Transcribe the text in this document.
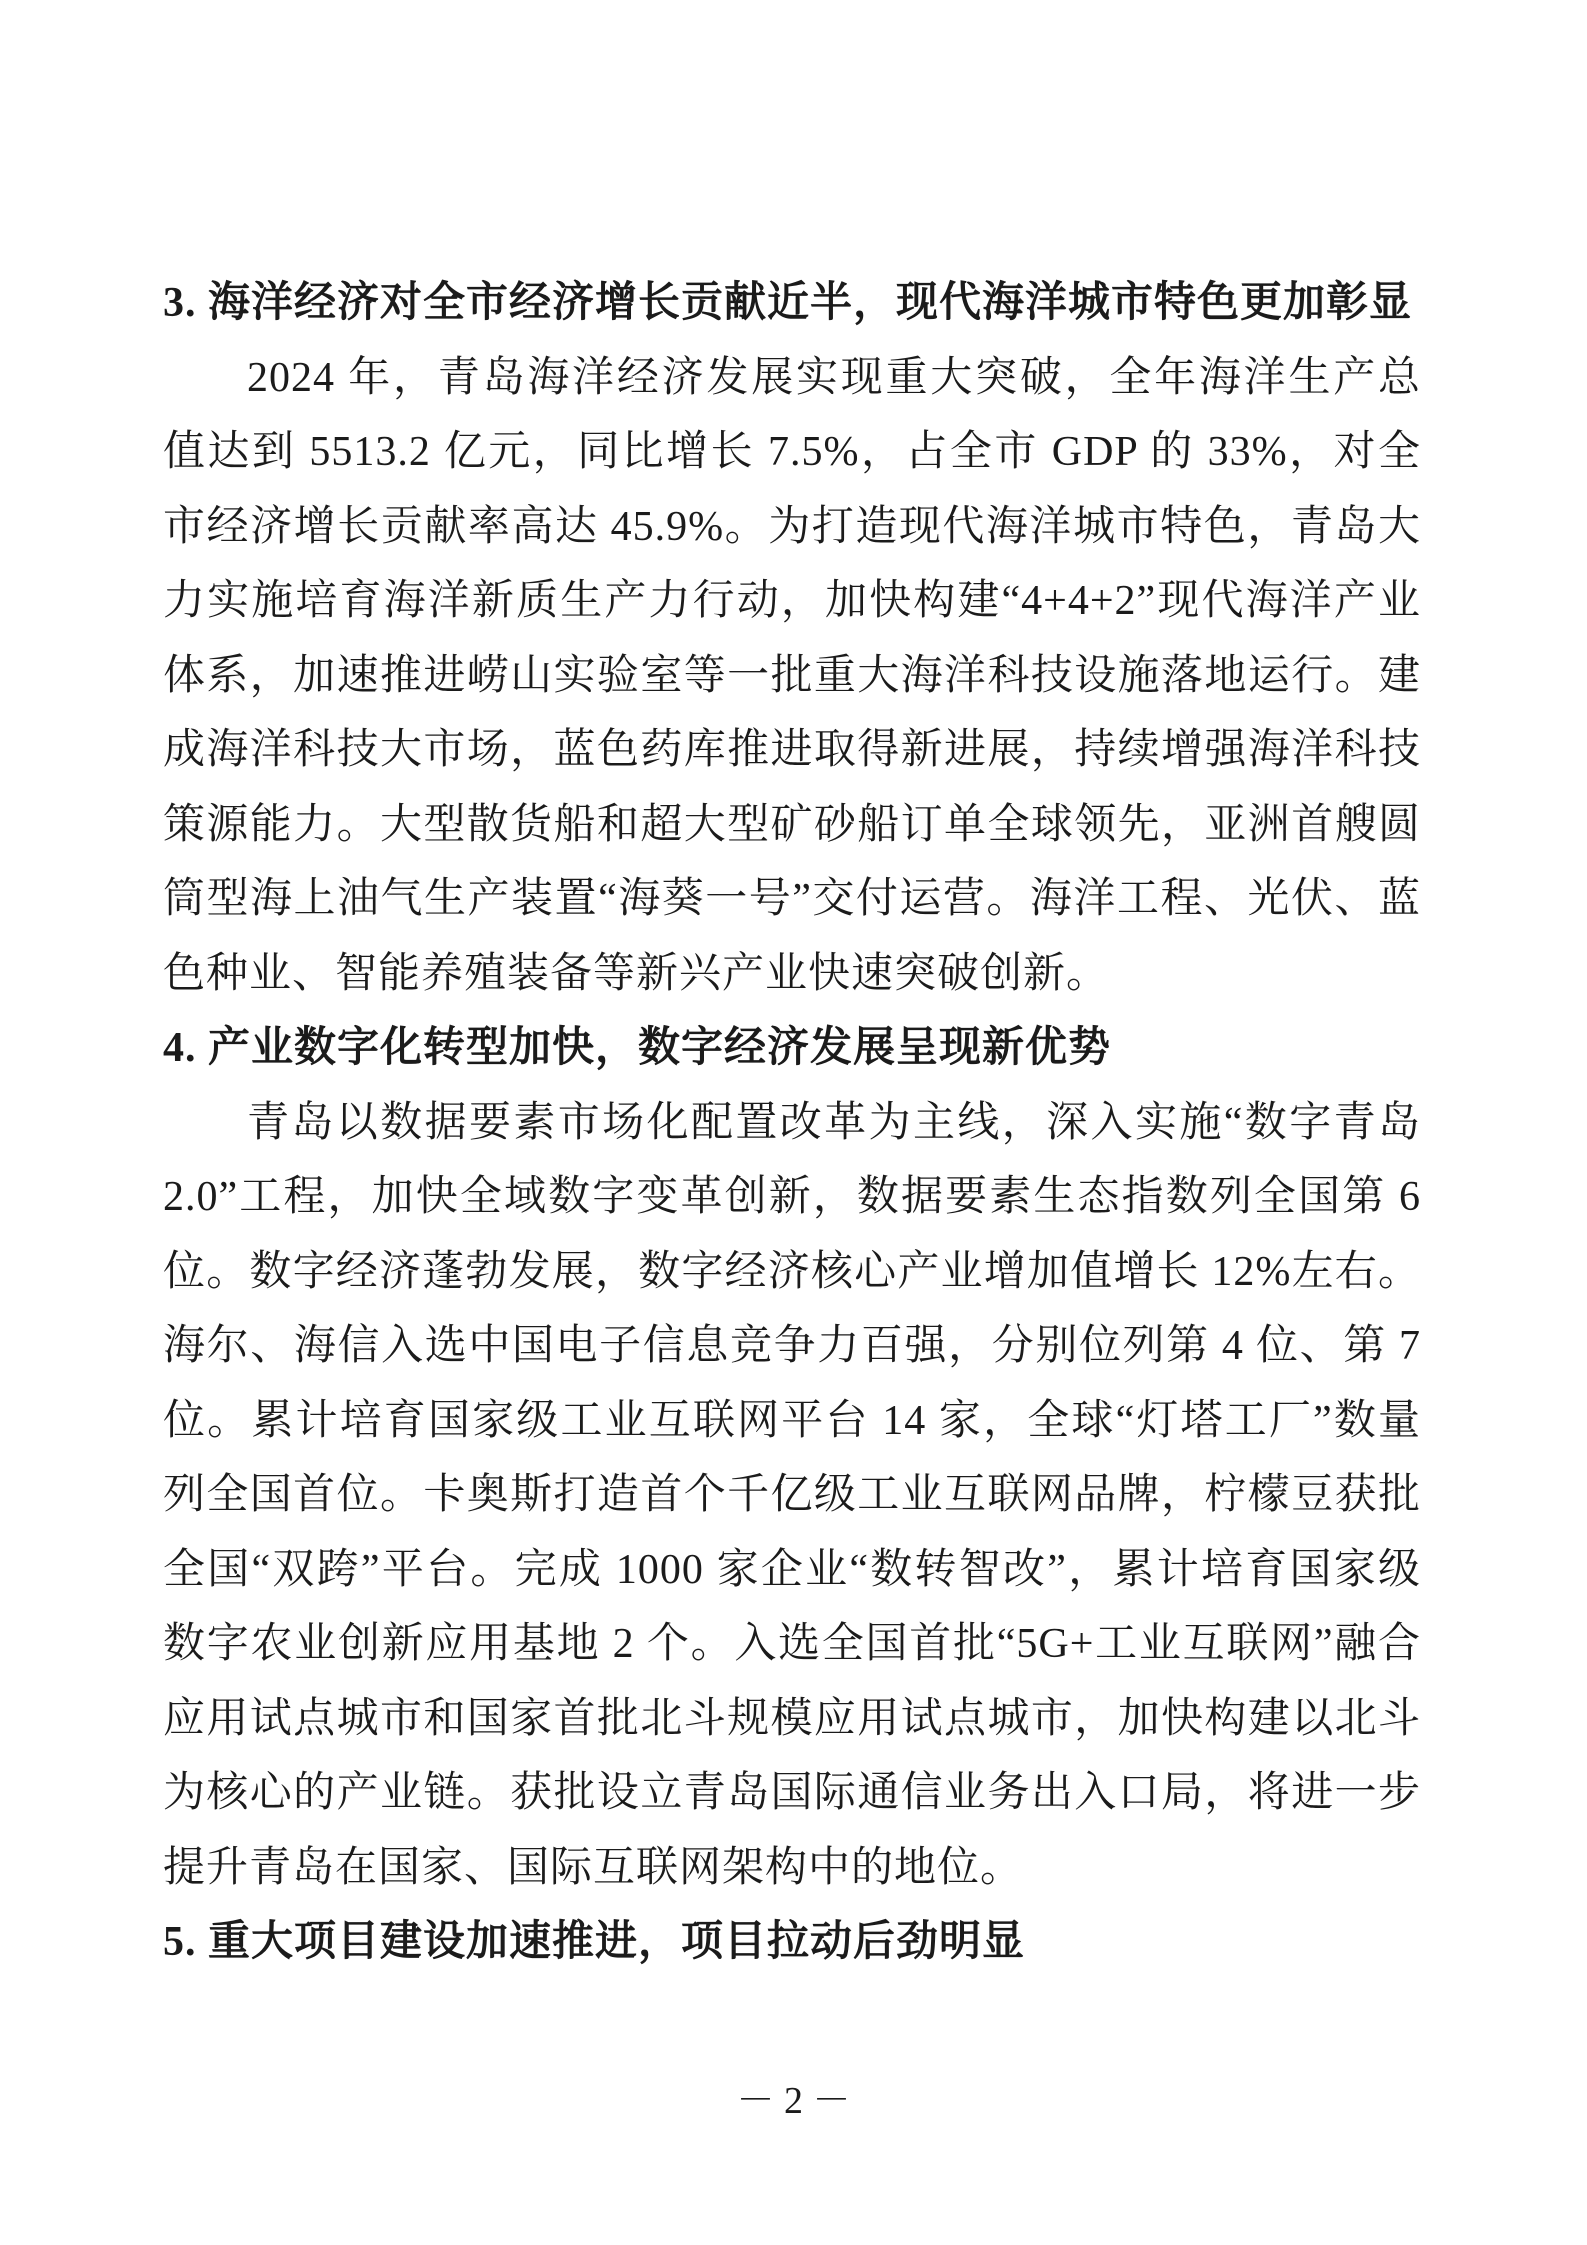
3. 海洋经济对全市经济增长贡献近半，现代海洋城市特色更加彰显

2024 年，青岛海洋经济发展实现重大突破，全年海洋生产总值达到 5513.2 亿元，同比增长 7.5%，占全市 GDP 的 33%，对全市经济增长贡献率高达 45.9%。为打造现代海洋城市特色，青岛大力实施培育海洋新质生产力行动，加快构建“4+4+2”现代海洋产业体系，加速推进崂山实验室等一批重大海洋科技设施落地运行。建成海洋科技大市场，蓝色药库推进取得新进展，持续增强海洋科技策源能力。大型散货船和超大型矿砂船订单全球领先，亚洲首艘圆筒型海上油气生产装置“海葵一号”交付运营。海洋工程、光伏、蓝色种业、智能养殖装备等新兴产业快速突破创新。

4. 产业数字化转型加快，数字经济发展呈现新优势

青岛以数据要素市场化配置改革为主线，深入实施“数字青岛 2.0”工程，加快全域数字变革创新，数据要素生态指数列全国第 6 位。数字经济蓬勃发展，数字经济核心产业增加值增长 12%左右。海尔、海信入选中国电子信息竞争力百强，分别位列第 4 位、第 7 位。累计培育国家级工业互联网平台 14 家，全球“灯塔工厂”数量列全国首位。卡奥斯打造首个千亿级工业互联网品牌，柠檬豆获批全国“双跨”平台。完成 1000 家企业“数转智改”，累计培育国家级数字农业创新应用基地 2 个。入选全国首批“5G+工业互联网”融合应用试点城市和国家首批北斗规模应用试点城市，加快构建以北斗为核心的产业链。获批设立青岛国际通信业务出入口局，将进一步提升青岛在国家、国际互联网架构中的地位。

5. 重大项目建设加速推进，项目拉动后劲明显
－ 2 －
